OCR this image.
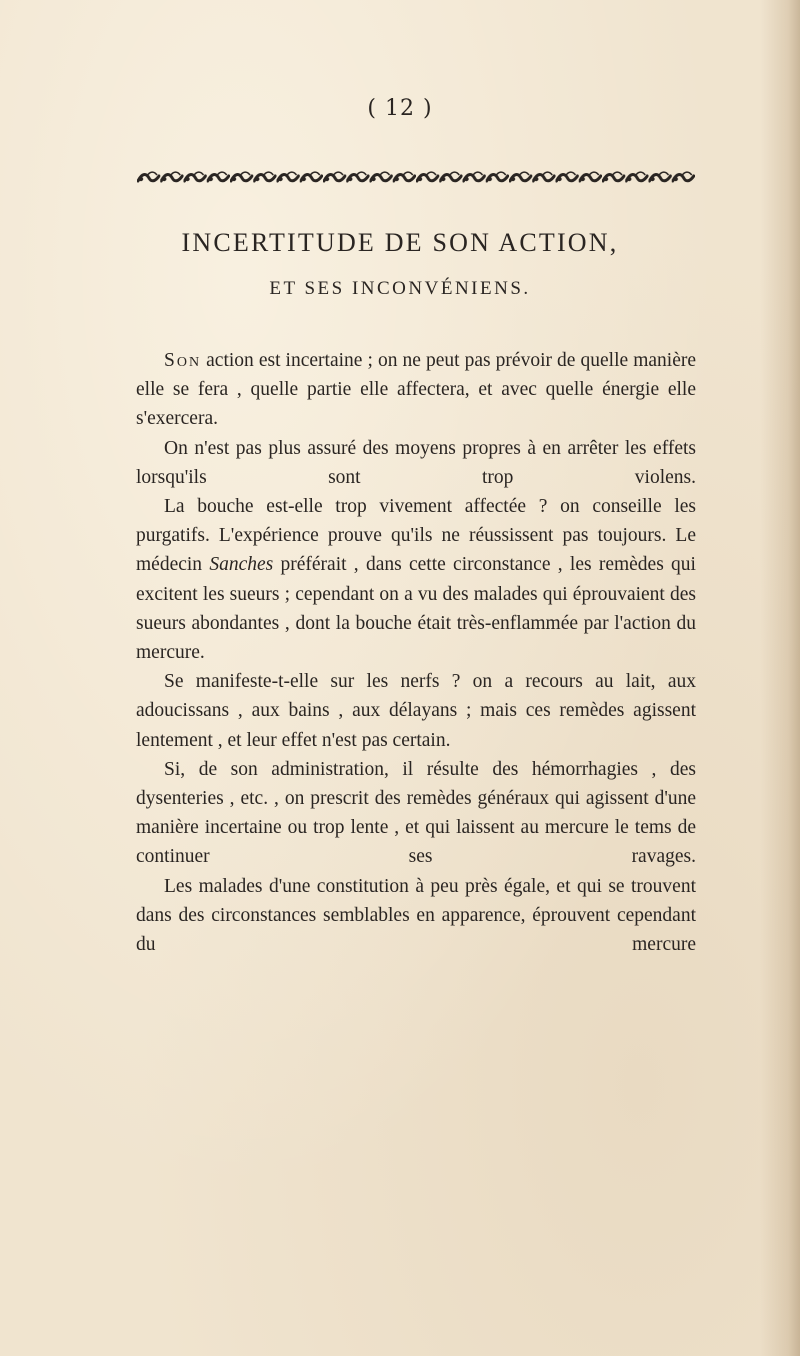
( 12 )
INCERTITUDE DE SON ACTION,
ET SES INCONVÉNIENS.

Son action est incertaine ; on ne peut pas prévoir de quelle manière elle se fera , quelle partie elle affectera, et avec quelle énergie elle s'exercera.

On n'est pas plus assuré des moyens propres à en arrêter les effets lorsqu'ils sont trop violens.

La bouche est-elle trop vivement affectée ? on conseille les purgatifs. L'expérience prouve qu'ils ne réussissent pas toujours. Le médecin Sanches préférait , dans cette circonstance , les remèdes qui excitent les sueurs ; cependant on a vu des malades qui éprouvaient des sueurs abondantes , dont la bouche était très-enflammée par l'action du mercure.

Se manifeste-t-elle sur les nerfs ? on a recours au lait, aux adoucissans , aux bains , aux délayans ; mais ces remèdes agissent lentement , et leur effet n'est pas certain.

Si, de son administration, il résulte des hémorrhagies , des dysenteries , etc. , on prescrit des remèdes généraux qui agissent d'une manière incertaine ou trop lente , et qui laissent au mercure le tems de continuer ses ravages.

Les malades d'une constitution à peu près égale, et qui se trouvent dans des circonstances semblables en apparence, éprouvent cependant du mercure
